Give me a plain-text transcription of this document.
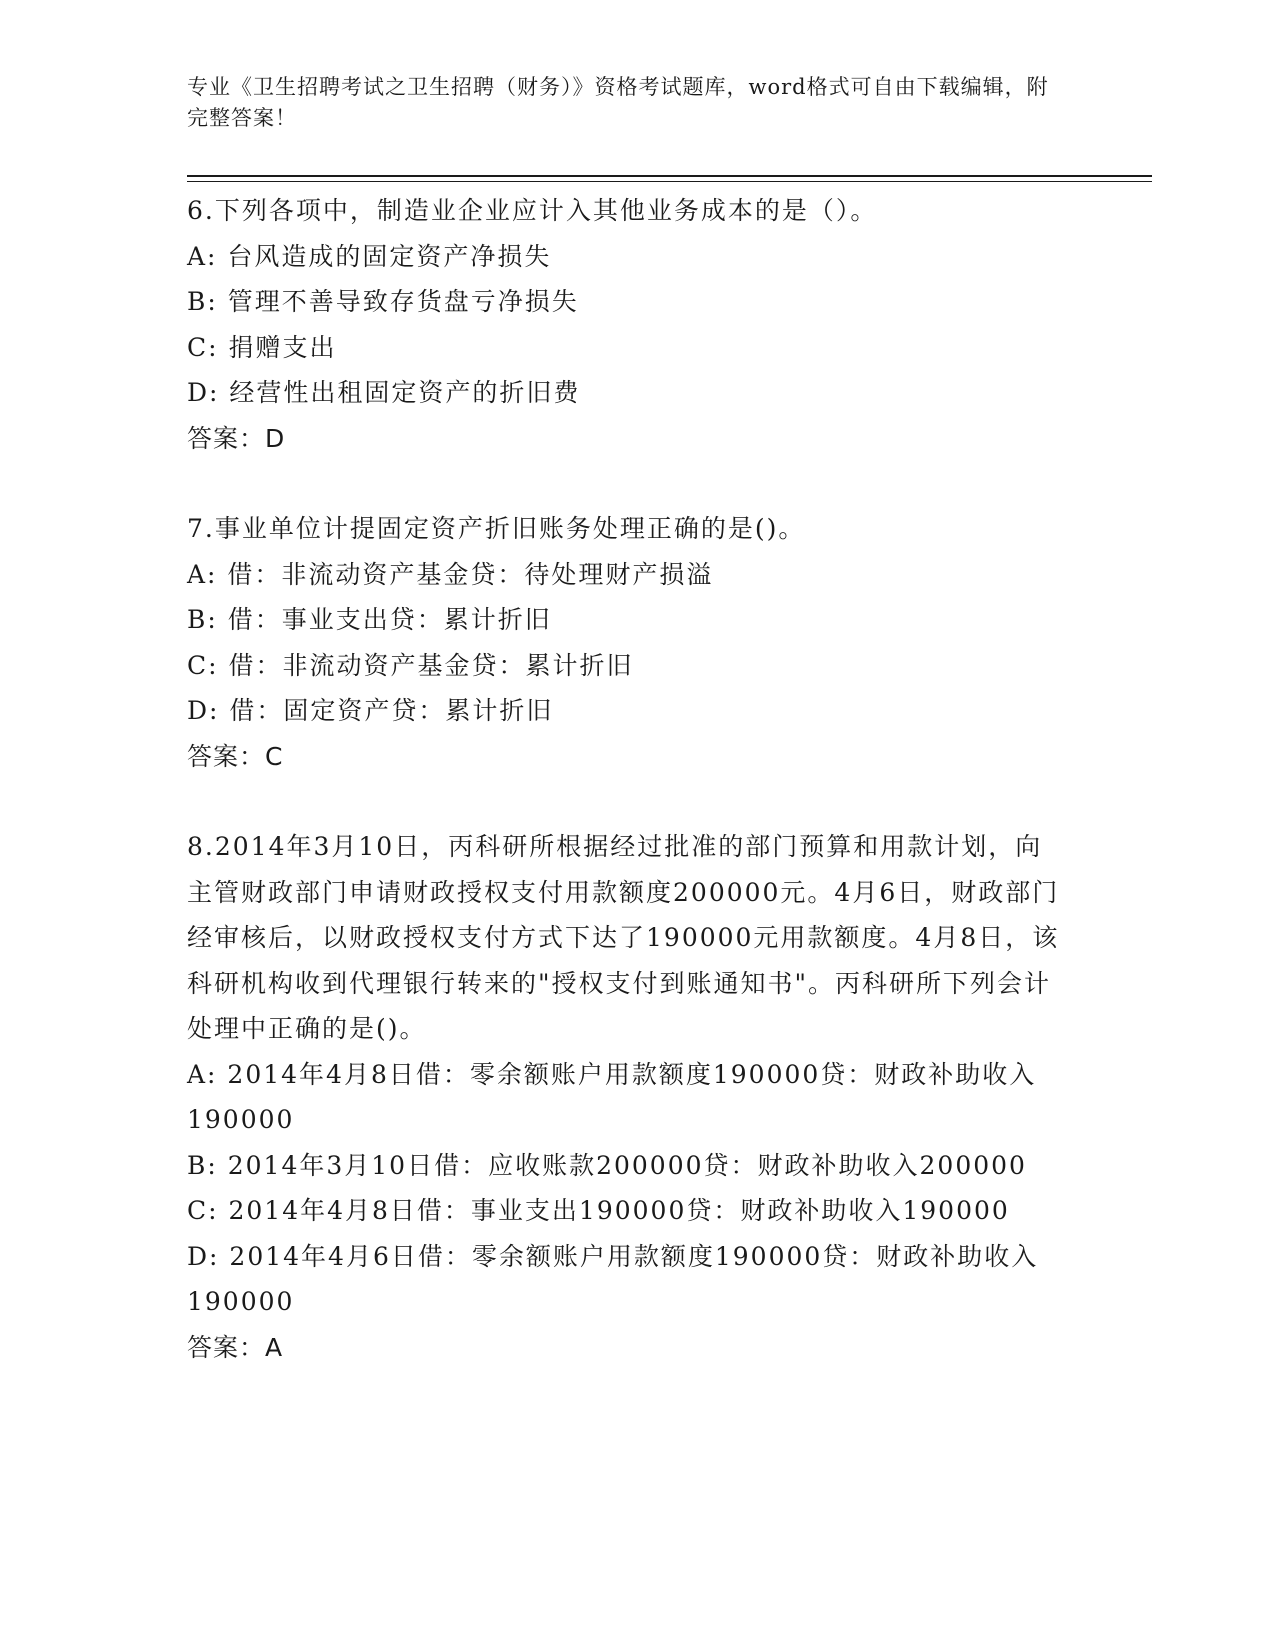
专业《卫生招聘考试之卫生招聘（财务）》资格考试题库，word格式可自由下载编辑，附完整答案！
6.下列各项中，制造业企业应计入其他业务成本的是（）。
A: 台风造成的固定资产净损失
B: 管理不善导致存货盘亏净损失
C: 捐赠支出
D: 经营性出租固定资产的折旧费
答案：D
7.事业单位计提固定资产折旧账务处理正确的是()。
A: 借：非流动资产基金贷：待处理财产损溢
B: 借：事业支出贷：累计折旧
C: 借：非流动资产基金贷：累计折旧
D: 借：固定资产贷：累计折旧
答案：C
8.2014年3月10日，丙科研所根据经过批准的部门预算和用款计划，向主管财政部门申请财政授权支付用款额度200000元。4月6日，财政部门经审核后，以财政授权支付方式下达了190000元用款额度。4月8日，该科研机构收到代理银行转来的"授权支付到账通知书"。丙科研所下列会计处理中正确的是()。
A: 2014年4月8日借：零余额账户用款额度190000贷：财政补助收入190000
B: 2014年3月10日借：应收账款200000贷：财政补助收入200000
C: 2014年4月8日借：事业支出190000贷：财政补助收入190000
D: 2014年4月6日借：零余额账户用款额度190000贷：财政补助收入190000
答案：A
